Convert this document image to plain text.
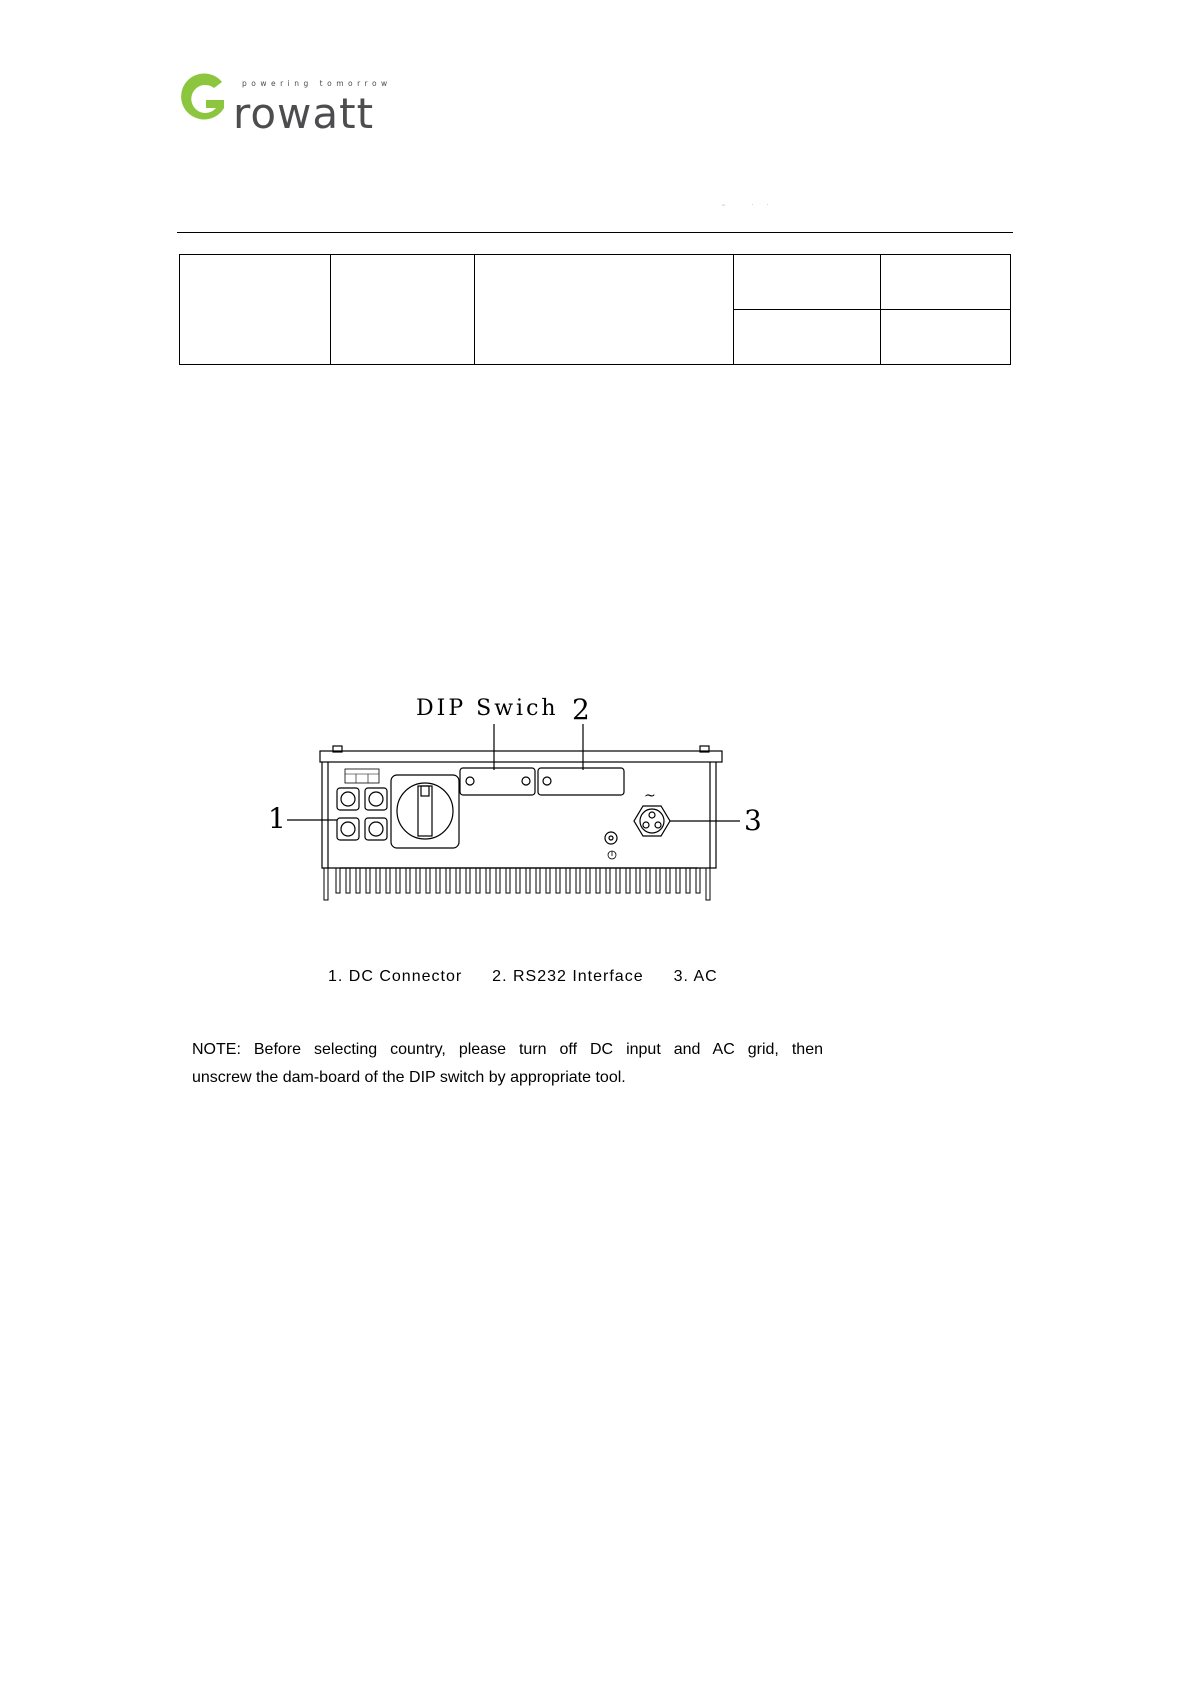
rowatt
powering tomorrow
˜ ˙˙

DIP Swich 2
~
1	3
1. DC Connector 2. RS232 Interface 3. AC

NOTE: Before selecting country, please turn off DC input and AC grid, then

unscrew the dam-board of the DIP switch by appropriate tool.
